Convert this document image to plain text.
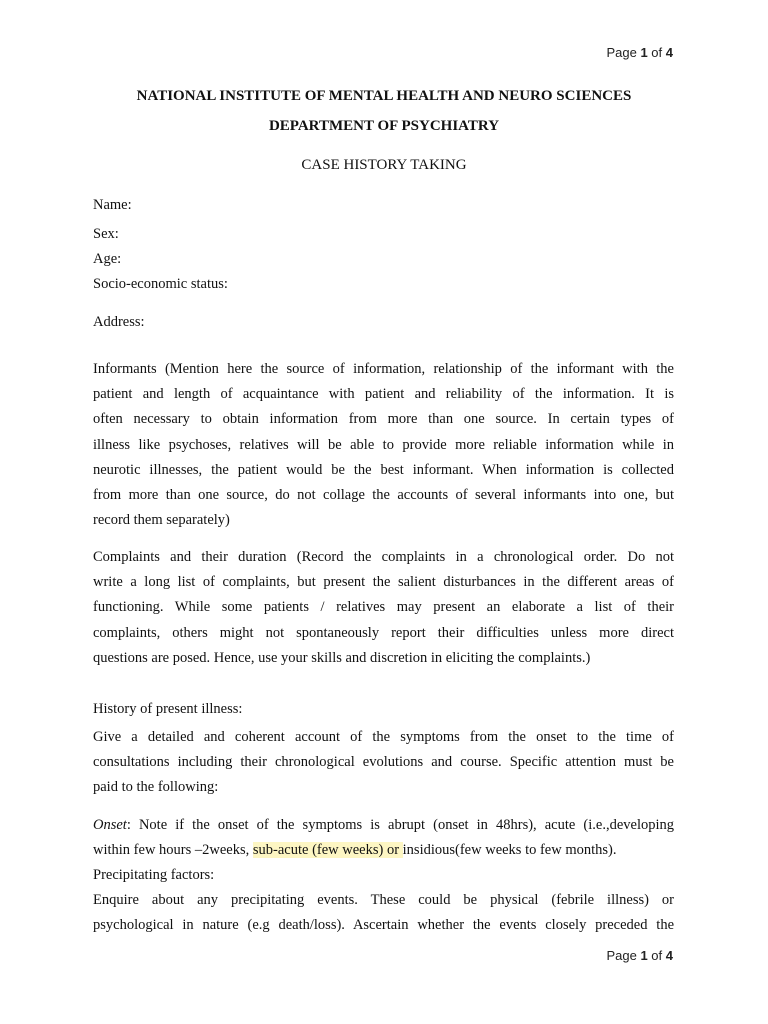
Page 1 of 4
NATIONAL INSTITUTE OF MENTAL HEALTH AND NEURO SCIENCES
DEPARTMENT OF PSYCHIATRY
CASE HISTORY TAKING
Name:
Sex:
Age:
Socio-economic status:
Address:
Informants (Mention here the source of information, relationship of the informant with the
patient and length of acquaintance with patient and reliability of the information. It is
often necessary to obtain information from more than one source. In certain types of
illness like psychoses, relatives will be able to provide more reliable information while in
neurotic illnesses, the patient would be the best informant. When information is collected
from more than one source, do not collage the accounts of several informants into one, but
record them separately)
Complaints and their duration (Record the complaints in a chronological order. Do not
write a long list of complaints, but present the salient disturbances in the different areas of
functioning. While some patients / relatives may present an elaborate a list of their
complaints, others might not spontaneously report their difficulties unless more direct
questions are posed. Hence, use your skills and discretion in eliciting the complaints.)
History of present illness:
Give a detailed and coherent account of the symptoms from the onset to the time of
consultations including their chronological evolutions and course. Specific attention must be
paid to the following:
Onset: Note if the onset of the symptoms is abrupt (onset in 48hrs), acute (i.e.,developing
within few hours –2weeks, sub-acute (few weeks) or insidious(few weeks to few months).
Precipitating factors:
Enquire about any precipitating events. These could be physical (febrile illness) or
psychological in nature (e.g death/loss). Ascertain whether the events closely preceded the
Page 1 of 4
